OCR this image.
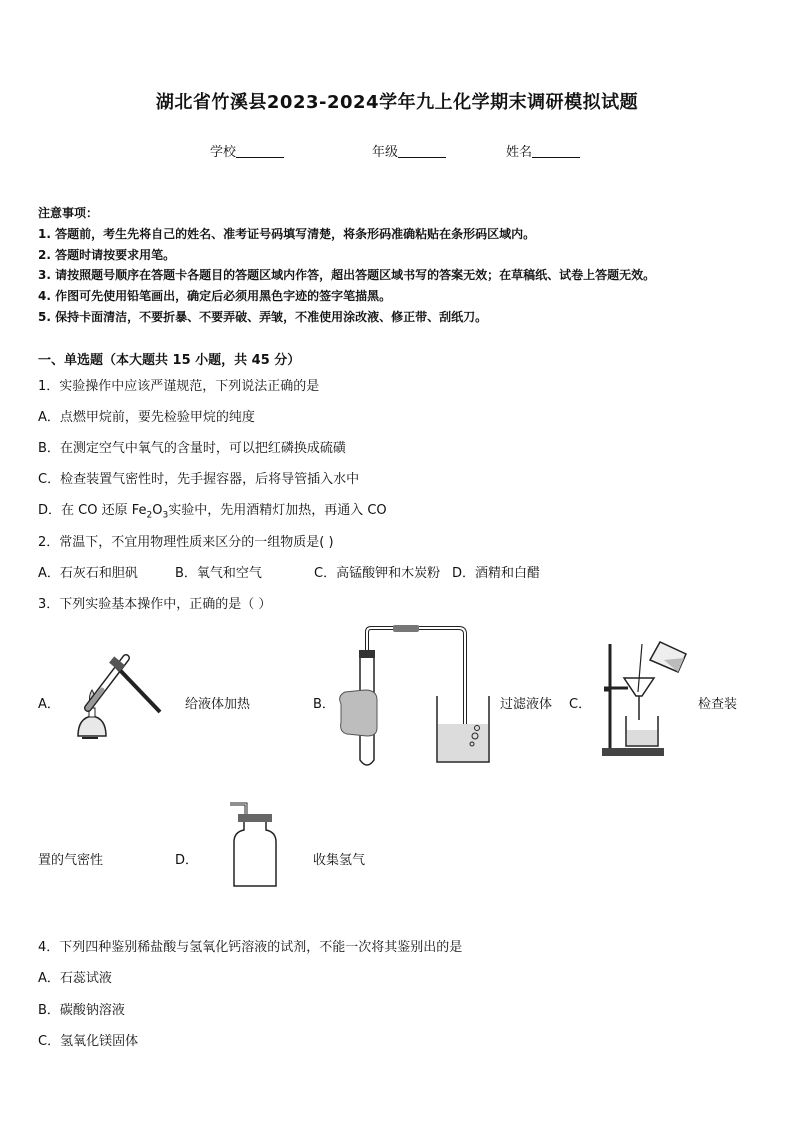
湖北省竹溪县2023-2024学年九上化学期末调研模拟试题
学校	年级	姓名
注意事项：
1. 答题前，考生先将自己的姓名、准考证号码填写清楚，将条形码准确粘贴在条形码区域内。
2. 答题时请按要求用笔。
3. 请按照题号顺序在答题卡各题目的答题区域内作答，超出答题区域书写的答案无效；在草稿纸、试卷上答题无效。
4. 作图可先使用铅笔画出，确定后必须用黑色字迹的签字笔描黑。
5. 保持卡面清洁，不要折暴、不要弄破、弄皱，不准使用涂改液、修正带、刮纸刀。
一、单选题（本大题共 15 小题，共 45 分）
1．实验操作中应该严谨规范，下列说法正确的是
A．点燃甲烷前，要先检验甲烷的纯度
B．在测定空气中氧气的含量时，可以把红磷换成硫磺
C．检查装置气密性时，先手握容器，后将导管插入水中
D．在 CO 还原 $Fe_2O_3$实验中，先用酒精灯加热，再通入 CO
2．常温下，不宜用物理性质来区分的一组物质是( )
A．石灰石和胆矾	B．氧气和空气	C．高锰酸钾和木炭粉 D．酒精和白醋
3．下列实验基本操作中，正确的是（ ）
A．	给液体加热	B．	过滤液体 C．	检查装
置的气密性	D．	收集氢气
4．下列四种鉴别稀盐酸与氢氧化钙溶液的试剂，不能一次将其鉴别出的是
A．石蕊试液
B．碳酸钠溶液
C．氢氧化镁固体
